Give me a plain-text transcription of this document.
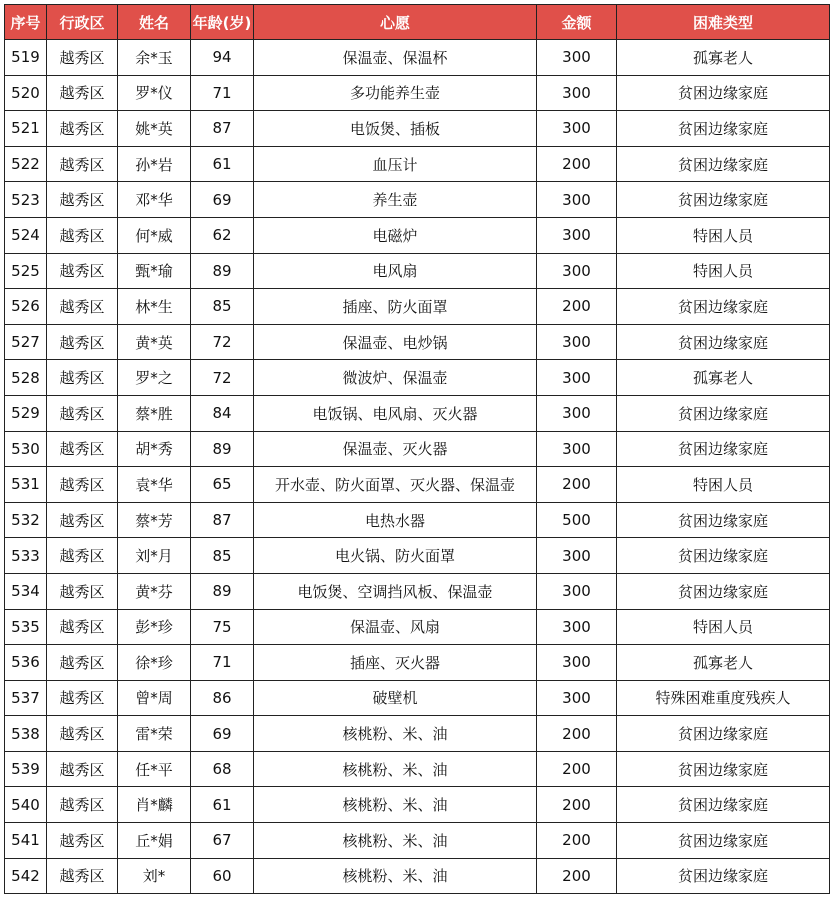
序号	行政区	姓名	年龄(岁)	心愿	金额	困难类型
519	越秀区	余*玉	94	保温壶、保温杯	300	孤寡老人
520	越秀区	罗*仪	71	多功能养生壶	300	贫困边缘家庭
521	越秀区	姚*英	87	电饭煲、插板	300	贫困边缘家庭
522	越秀区	孙*岩	61	血压计	200	贫困边缘家庭
523	越秀区	邓*华	69	养生壶	300	贫困边缘家庭
524	越秀区	何*威	62	电磁炉	300	特困人员
525	越秀区	甄*瑜	89	电风扇	300	特困人员
526	越秀区	林*生	85	插座、防火面罩	200	贫困边缘家庭
527	越秀区	黄*英	72	保温壶、电炒锅	300	贫困边缘家庭
528	越秀区	罗*之	72	微波炉、保温壶	300	孤寡老人
529	越秀区	蔡*胜	84	电饭锅、电风扇、灭火器	300	贫困边缘家庭
530	越秀区	胡*秀	89	保温壶、灭火器	300	贫困边缘家庭
531	越秀区	袁*华	65	开水壶、防火面罩、灭火器、保温壶	200	特困人员
532	越秀区	蔡*芳	87	电热水器	500	贫困边缘家庭
533	越秀区	刘*月	85	电火锅、防火面罩	300	贫困边缘家庭
534	越秀区	黄*芬	89	电饭煲、空调挡风板、保温壶	300	贫困边缘家庭
535	越秀区	彭*珍	75	保温壶、风扇	300	特困人员
536	越秀区	徐*珍	71	插座、灭火器	300	孤寡老人
537	越秀区	曾*周	86	破壁机	300	特殊困难重度残疾人
538	越秀区	雷*荣	69	核桃粉、米、油	200	贫困边缘家庭
539	越秀区	任*平	68	核桃粉、米、油	200	贫困边缘家庭
540	越秀区	肖*麟	61	核桃粉、米、油	200	贫困边缘家庭
541	越秀区	丘*娟	67	核桃粉、米、油	200	贫困边缘家庭
542	越秀区	刘*	60	核桃粉、米、油	200	贫困边缘家庭
